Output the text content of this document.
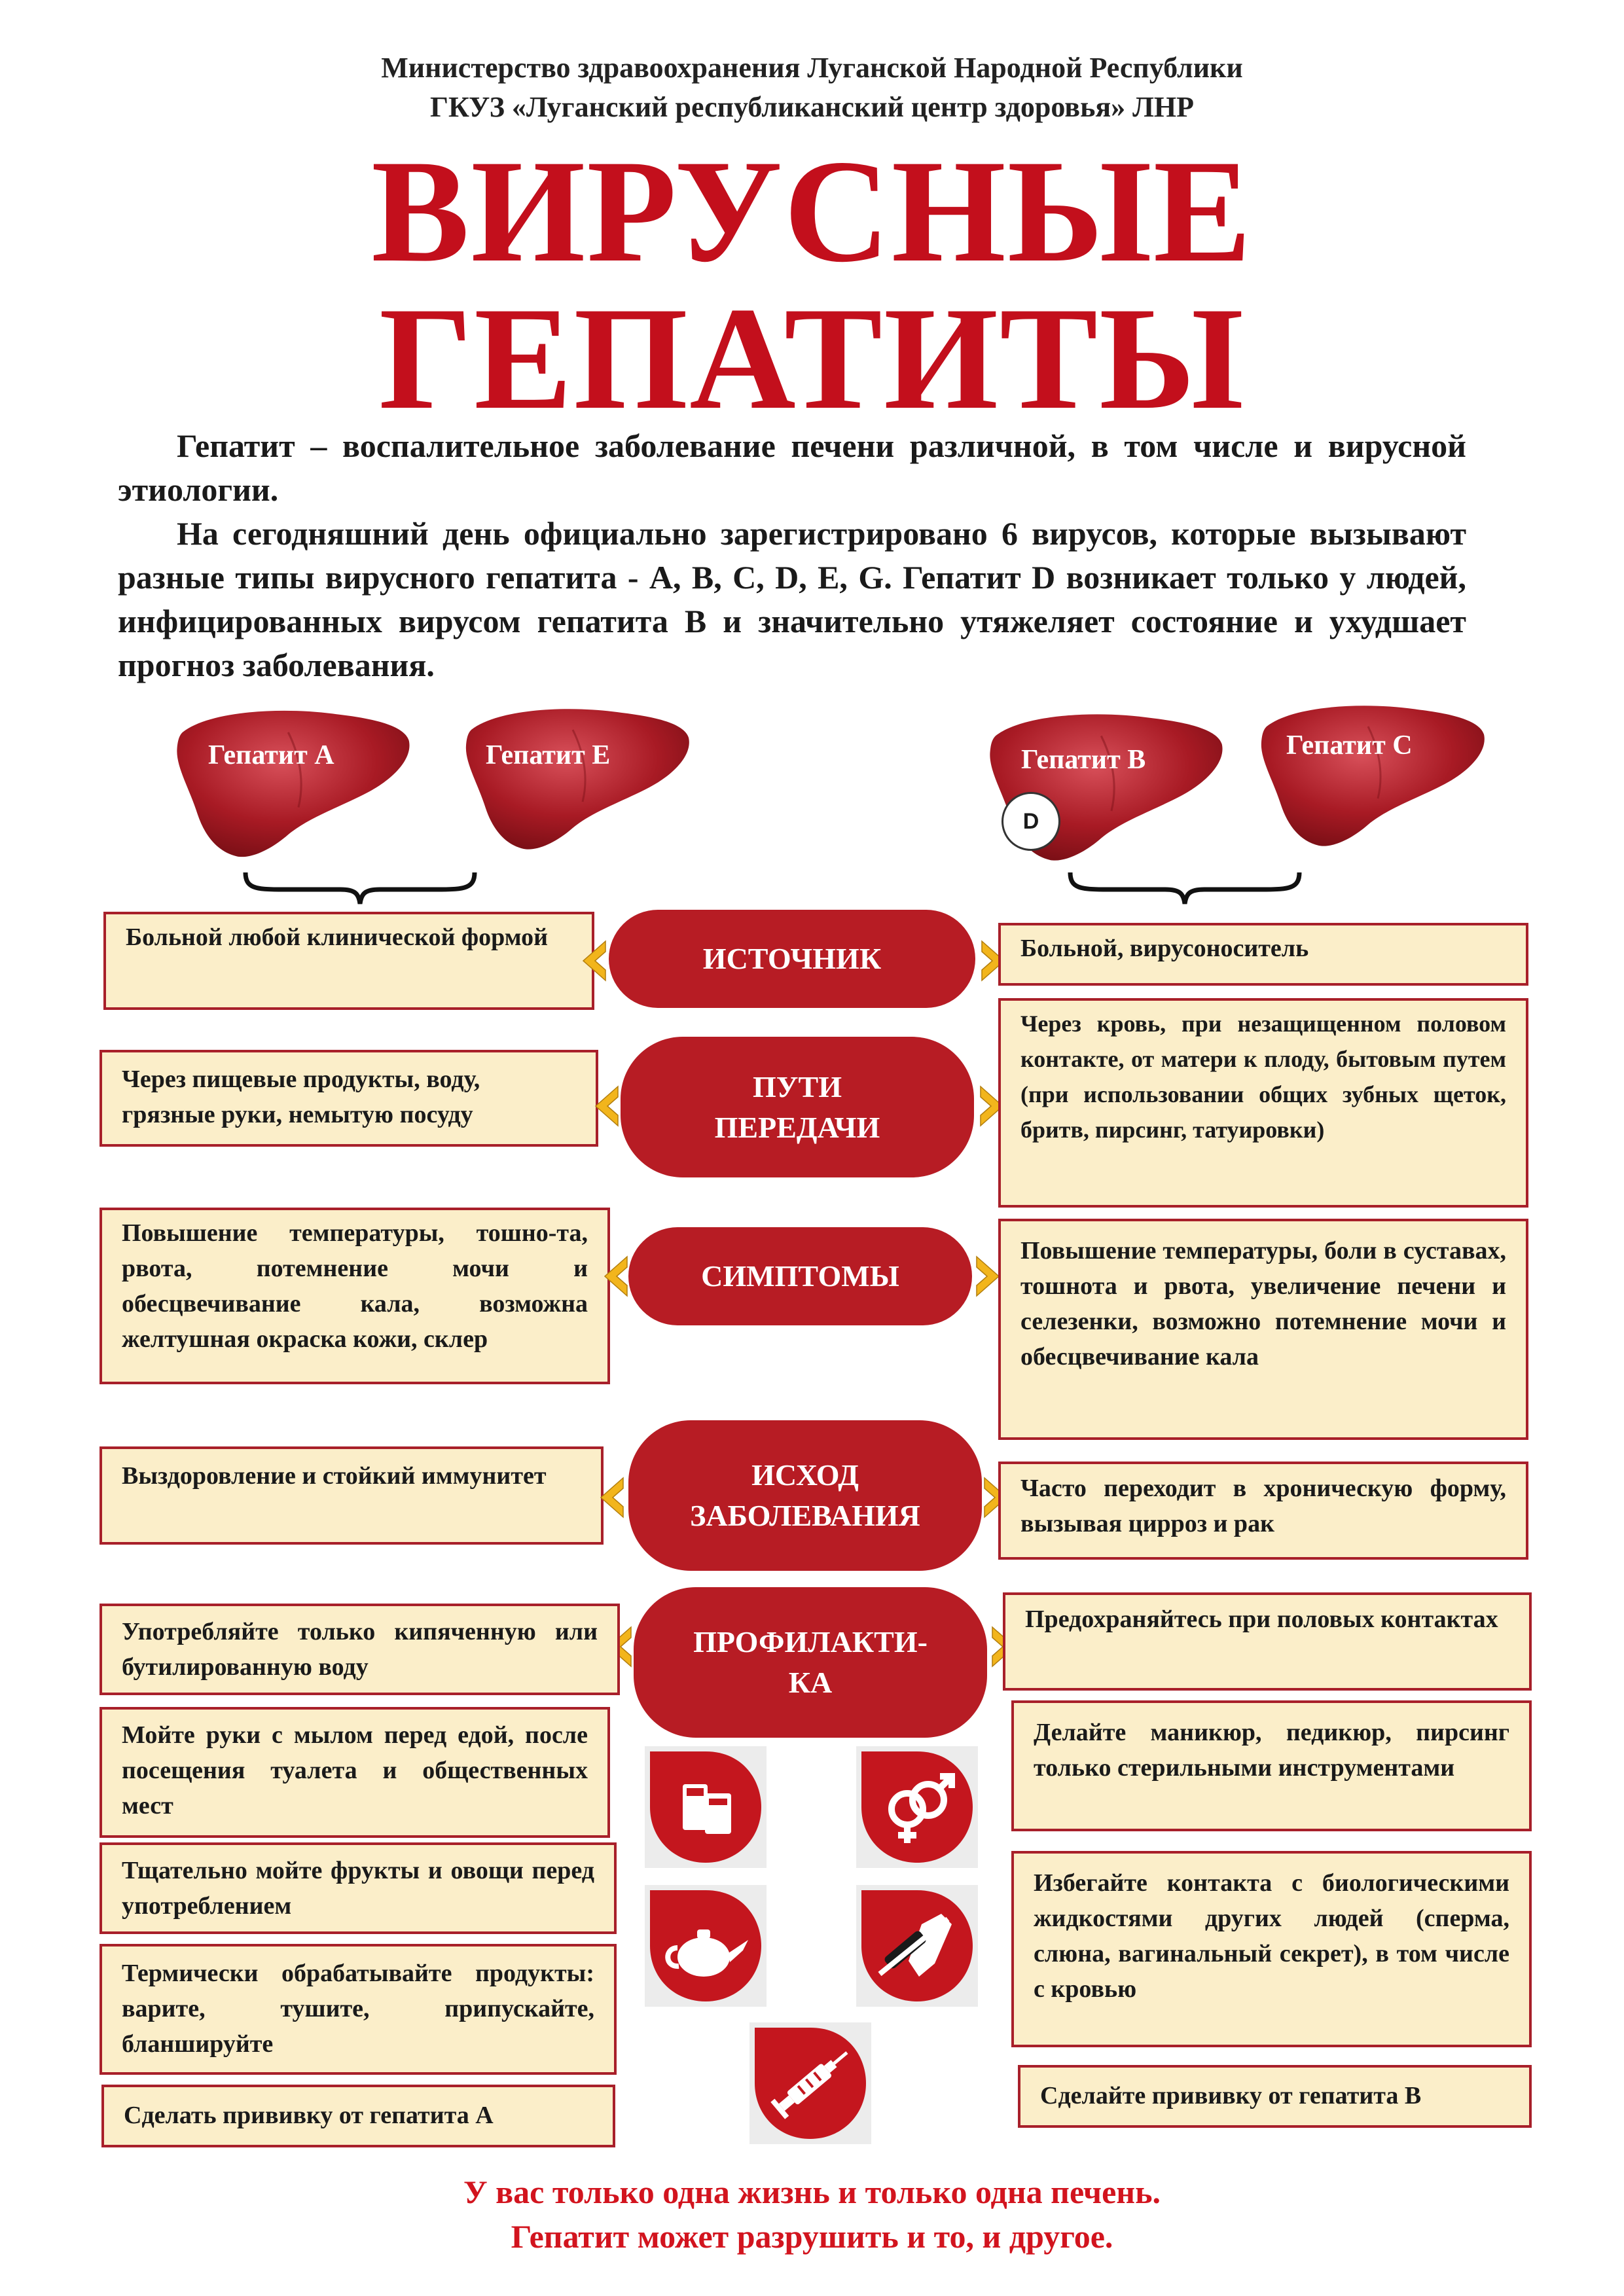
Министерство здравоохранения Луганской Народной Республики
ГКУЗ «Луганский республиканский центр здоровья» ЛНР
ВИРУСНЫЕ
ГЕПАТИТЫ

Гепатит – воспалительное заболевание печени различной, в том числе и вирусной этиологии.

На сегодняшний день официально зарегистрировано 6 вирусов, которые вызывают разные типы вирусного гепатита - А, В, С, D, E, G. Гепатит D возникает только у людей, инфицированных вирусом гепатита В и значительно утяжеляет состояние и ухудшает прогноз заболевания.

Гепатит А	Гепатит Е	Гепатит В
D
Гепатит С
Больной любой клинической формой
ИСТОЧНИК	Больной, вирусоноситель
Через пищевые продукты, воду, грязные руки, немытую посуду
ПУТИ
ПЕРЕДАЧИ
Через кровь, при незащищенном половом контакте, от матери к плоду, бытовым путем (при использовании общих зубных щеток, бритв, пирсинг, татуировки)
Повышение температуры, тошно-та, рвота, потемнение мочи и обесцвечивание кала, возможна желтушная окраска кожи, склер
СИМПТОМЫ
Повышение температуры, боли в суставах, тошнота и рвота, увеличение печени и селезенки, возможно потемнение мочи и обесцвечивание кала
Выздоровление и стойкий иммунитет	ИСХОД
ЗАБОЛЕВАНИЯ
Часто переходит в хроническую форму, вызывая цирроз и рак
ПРОФИЛАКТИ-
КА
Употребляйте только кипяченную или бутилированную воду
Мойте руки с мылом перед едой, после посещения туалета и общественных мест
Тщательно мойте фрукты и овощи перед употреблением
Термически обрабатывайте продукты: варите, тушите, припускайте, бланшируйте
Сделать прививку от гепатита А
Предохраняйтесь при половых контактах
Делайте маникюр, педикюр, пирсинг только стерильными инструментами
Избегайте контакта с биологическими жидкостями других людей (сперма, слюна, вагинальный секрет), в том числе с кровью
Сделайте прививку от гепатита В
У вас только одна жизнь и только одна печень.
Гепатит может разрушить и то, и другое.
